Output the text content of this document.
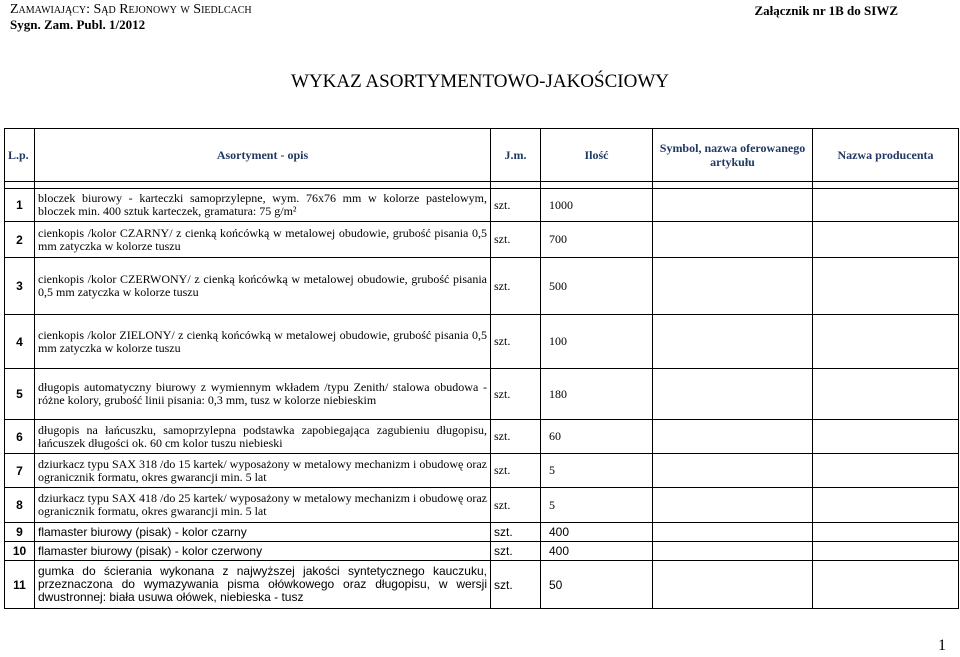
Zamawiający: Sąd Rejonowy w Siedlcach
Sygn. Zam. Publ. 1/2012
Załącznik nr 1B do SIWZ
WYKAZ ASORTYMENTOWO-JAKOŚCIOWY
L.p.	Asortyment - opis	J.m.	Ilość	Symbol, nazwa oferowanego artykułu	Nazwa producenta

1	bloczek biurowy - karteczki samoprzylepne, wym. 76x76 mm w kolorze pastelowym, bloczek min. 400 sztuk karteczek, gramatura: 75 g/m²	szt.	1000		
2	cienkopis /kolor CZARNY/ z cienką końcówką w metalowej obudowie, grubość pisania 0,5 mm zatyczka w kolorze tuszu	szt.	700		
3	cienkopis /kolor CZERWONY/ z cienką końcówką w metalowej obudowie, grubość pisania 0,5 mm zatyczka w kolorze tuszu	szt.	500		
4	cienkopis /kolor ZIELONY/ z cienką końcówką w metalowej obudowie, grubość pisania 0,5 mm zatyczka w kolorze tuszu	szt.	100		
5	długopis automatyczny biurowy z wymiennym wkładem /typu Zenith/ stalowa obudowa - różne kolory, grubość linii pisania: 0,3 mm, tusz w kolorze niebieskim	szt.	180		
6	długopis na łańcuszku, samoprzylepna podstawka zapobiegająca zagubieniu długopisu, łańcuszek długości ok. 60 cm kolor tuszu niebieski	szt.	60		
7	dziurkacz typu SAX 318 /do 15 kartek/ wyposażony w metalowy mechanizm i obudowę oraz ogranicznik formatu, okres gwarancji min. 5 lat	szt.	5		
8	dziurkacz typu SAX 418 /do 25 kartek/ wyposażony w metalowy mechanizm i obudowę oraz ogranicznik formatu, okres gwarancji min. 5 lat	szt.	5		
9	flamaster biurowy (pisak) - kolor czarny	szt.	400		
10	flamaster biurowy (pisak) - kolor czerwony	szt.	400		
11	gumka do ścierania wykonana z najwyższej jakości syntetycznego kauczuku, przeznaczona do wymazywania pisma ołówkowego oraz długopisu, w wersji dwustronnej: biała usuwa ołówek, niebieska - tusz	szt.	50		
1
